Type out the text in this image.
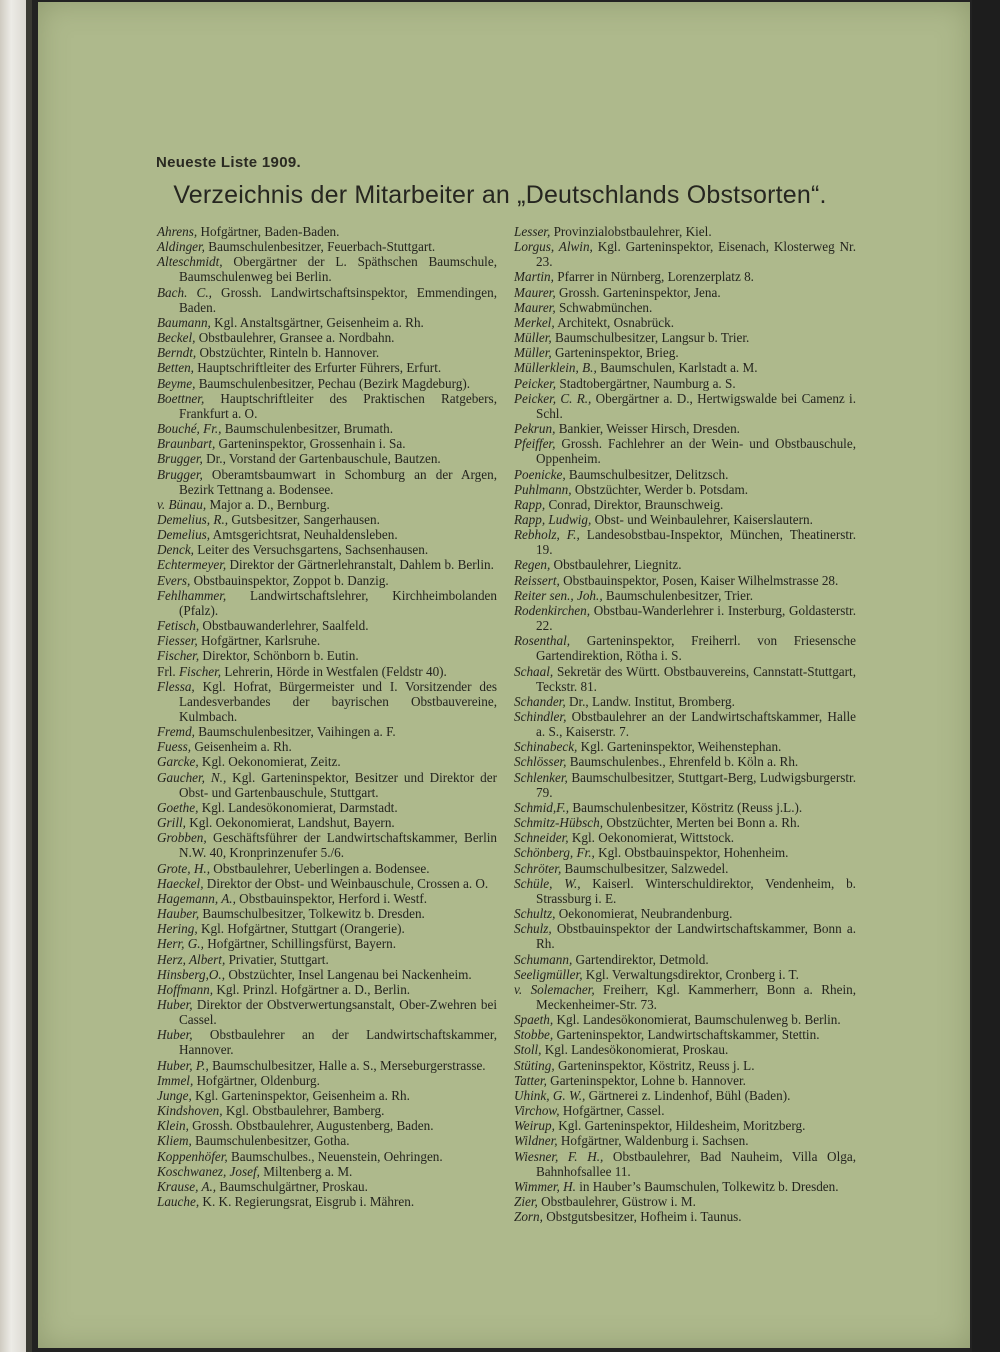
Neueste Liste 1909.
Verzeichnis der Mitarbeiter an „Deutschlands Obstsorten“.

Ahrens, Hofgärtner, Baden-Baden.

Aldinger, Baumschulenbesitzer, Feuerbach-Stuttgart.

Alteschmidt, Obergärtner der L. Späthschen Baumschule, Baumschulenweg bei Berlin.

Bach. C., Grossh. Landwirtschaftsinspektor, Emmendingen, Baden.

Baumann, Kgl. Anstaltsgärtner, Geisenheim a. Rh.

Beckel, Obstbaulehrer, Gransee a. Nordbahn.

Berndt, Obstzüchter, Rinteln b. Hannover.

Betten, Hauptschriftleiter des Erfurter Führers, Erfurt.

Beyme, Baumschulenbesitzer, Pechau (Bezirk Magdeburg).

Boettner, Hauptschriftleiter des Praktischen Ratgebers, Frankfurt a. O.

Bouché, Fr., Baumschulenbesitzer, Brumath.

Braunbart, Garteninspektor, Grossenhain i. Sa.

Brugger, Dr., Vorstand der Gartenbauschule, Bautzen.

Brugger, Oberamtsbaumwart in Schomburg an der Argen, Bezirk Tettnang a. Bodensee.

v. Bünau, Major a. D., Bernburg.

Demelius, R., Gutsbesitzer, Sangerhausen.

Demelius, Amtsgerichtsrat, Neuhaldensleben.

Denck, Leiter des Versuchsgartens, Sachsenhausen.

Echtermeyer, Direktor der Gärtnerlehranstalt, Dahlem b. Berlin.

Evers, Obstbauinspektor, Zoppot b. Danzig.

Fehlhammer, Landwirtschaftslehrer, Kirchheimbolanden (Pfalz).

Fetisch, Obstbauwanderlehrer, Saalfeld.

Fiesser, Hofgärtner, Karlsruhe.

Fischer, Direktor, Schönborn b. Eutin.

Frl. Fischer, Lehrerin, Hörde in Westfalen (Feldstr 40).

Flessa, Kgl. Hofrat, Bürgermeister und I. Vorsitzender des Landesverbandes der bayrischen Obstbauvereine, Kulmbach.

Fremd, Baumschulenbesitzer, Vaihingen a. F.

Fuess, Geisenheim a. Rh.

Garcke, Kgl. Oekonomierat, Zeitz.

Gaucher, N., Kgl. Garteninspektor, Besitzer und Direktor der Obst- und Gartenbauschule, Stuttgart.

Goethe, Kgl. Landesökonomierat, Darmstadt.

Grill, Kgl. Oekonomierat, Landshut, Bayern.

Grobben, Geschäftsführer der Landwirtschaftskammer, Berlin N.W. 40, Kronprinzenufer 5./6.

Grote, H., Obstbaulehrer, Ueberlingen a. Bodensee.

Haeckel, Direktor der Obst- und Weinbauschule, Crossen a. O.

Hagemann, A., Obstbauinspektor, Herford i. Westf.

Hauber, Baumschulbesitzer, Tolkewitz b. Dresden.

Hering, Kgl. Hofgärtner, Stuttgart (Orangerie).

Herr, G., Hofgärtner, Schillingsfürst, Bayern.

Herz, Albert, Privatier, Stuttgart.

Hinsberg,O., Obstzüchter, Insel Langenau bei Nackenheim.

Hoffmann, Kgl. Prinzl. Hofgärtner a. D., Berlin.

Huber, Direktor der Obstverwertungsanstalt, Ober-Zwehren bei Cassel.

Huber, Obstbaulehrer an der Landwirtschaftskammer, Hannover.

Huber, P., Baumschulbesitzer, Halle a. S., Merseburgerstrasse.

Immel, Hofgärtner, Oldenburg.

Junge, Kgl. Garteninspektor, Geisenheim a. Rh.

Kindshoven, Kgl. Obstbaulehrer, Bamberg.

Klein, Grossh. Obstbaulehrer, Augustenberg, Baden.

Kliem, Baumschulenbesitzer, Gotha.

Koppenhöfer, Baumschulbes., Neuenstein, Oehringen.

Koschwanez, Josef, Miltenberg a. M.

Krause, A., Baumschulgärtner, Proskau.

Lauche, K. K. Regierungsrat, Eisgrub i. Mähren.

Lesser, Provinzialobstbaulehrer, Kiel.

Lorgus, Alwin, Kgl. Garteninspektor, Eisenach, Klosterweg Nr. 23.

Martin, Pfarrer in Nürnberg, Lorenzerplatz 8.

Maurer, Grossh. Garteninspektor, Jena.

Maurer, Schwabmünchen.

Merkel, Architekt, Osnabrück.

Müller, Baumschulbesitzer, Langsur b. Trier.

Müller, Garteninspektor, Brieg.

Müllerklein, B., Baumschulen, Karlstadt a. M.

Peicker, Stadtobergärtner, Naumburg a. S.

Peicker, C. R., Obergärtner a. D., Hertwigswalde bei Camenz i. Schl.

Pekrun, Bankier, Weisser Hirsch, Dresden.

Pfeiffer, Grossh. Fachlehrer an der Wein- und Obstbauschule, Oppenheim.

Poenicke, Baumschulbesitzer, Delitzsch.

Puhlmann, Obstzüchter, Werder b. Potsdam.

Rapp, Conrad, Direktor, Braunschweig.

Rapp, Ludwig, Obst- und Weinbaulehrer, Kaiserslautern.

Rebholz, F., Landesobstbau-Inspektor, München, Theatinerstr. 19.

Regen, Obstbaulehrer, Liegnitz.

Reissert, Obstbauinspektor, Posen, Kaiser Wilhelmstrasse 28.

Reiter sen., Joh., Baumschulenbesitzer, Trier.

Rodenkirchen, Obstbau-Wanderlehrer i. Insterburg, Goldasterstr. 22.

Rosenthal, Garteninspektor, Freiherrl. von Friesensche Gartendirektion, Rötha i. S.

Schaal, Sekretär des Württ. Obstbauvereins, Cannstatt-Stuttgart, Teckstr. 81.

Schander, Dr., Landw. Institut, Bromberg.

Schindler, Obstbaulehrer an der Landwirtschaftskammer, Halle a. S., Kaiserstr. 7.

Schinabeck, Kgl. Garteninspektor, Weihenstephan.

Schlösser, Baumschulenbes., Ehrenfeld b. Köln a. Rh.

Schlenker, Baumschulbesitzer, Stuttgart-Berg, Ludwigsburgerstr. 79.

Schmid,F., Baumschulenbesitzer, Köstritz (Reuss j.L.).

Schmitz-Hübsch, Obstzüchter, Merten bei Bonn a. Rh.

Schneider, Kgl. Oekonomierat, Wittstock.

Schönberg, Fr., Kgl. Obstbauinspektor, Hohenheim.

Schröter, Baumschulbesitzer, Salzwedel.

Schüle, W., Kaiserl. Winterschuldirektor, Vendenheim, b. Strassburg i. E.

Schultz, Oekonomierat, Neubrandenburg.

Schulz, Obstbauinspektor der Landwirtschaftskammer, Bonn a. Rh.

Schumann, Gartendirektor, Detmold.

Seeligmüller, Kgl. Verwaltungsdirektor, Cronberg i. T.

v. Solemacher, Freiherr, Kgl. Kammerherr, Bonn a. Rhein, Meckenheimer-Str. 73.

Spaeth, Kgl. Landesökonomierat, Baumschulenweg b. Berlin.

Stobbe, Garteninspektor, Landwirtschaftskammer, Stettin.

Stoll, Kgl. Landesökonomierat, Proskau.

Stüting, Garteninspektor, Köstritz, Reuss j. L.

Tatter, Garteninspektor, Lohne b. Hannover.

Uhink, G. W., Gärtnerei z. Lindenhof, Bühl (Baden).

Virchow, Hofgärtner, Cassel.

Weirup, Kgl. Garteninspektor, Hildesheim, Moritzberg.

Wildner, Hofgärtner, Waldenburg i. Sachsen.

Wiesner, F. H., Obstbaulehrer, Bad Nauheim, Villa Olga, Bahnhofsallee 11.

Wimmer, H. in Hauber’s Baumschulen, Tolkewitz b. Dresden.

Zier, Obstbaulehrer, Güstrow i. M.

Zorn, Obstgutsbesitzer, Hofheim i. Taunus.
